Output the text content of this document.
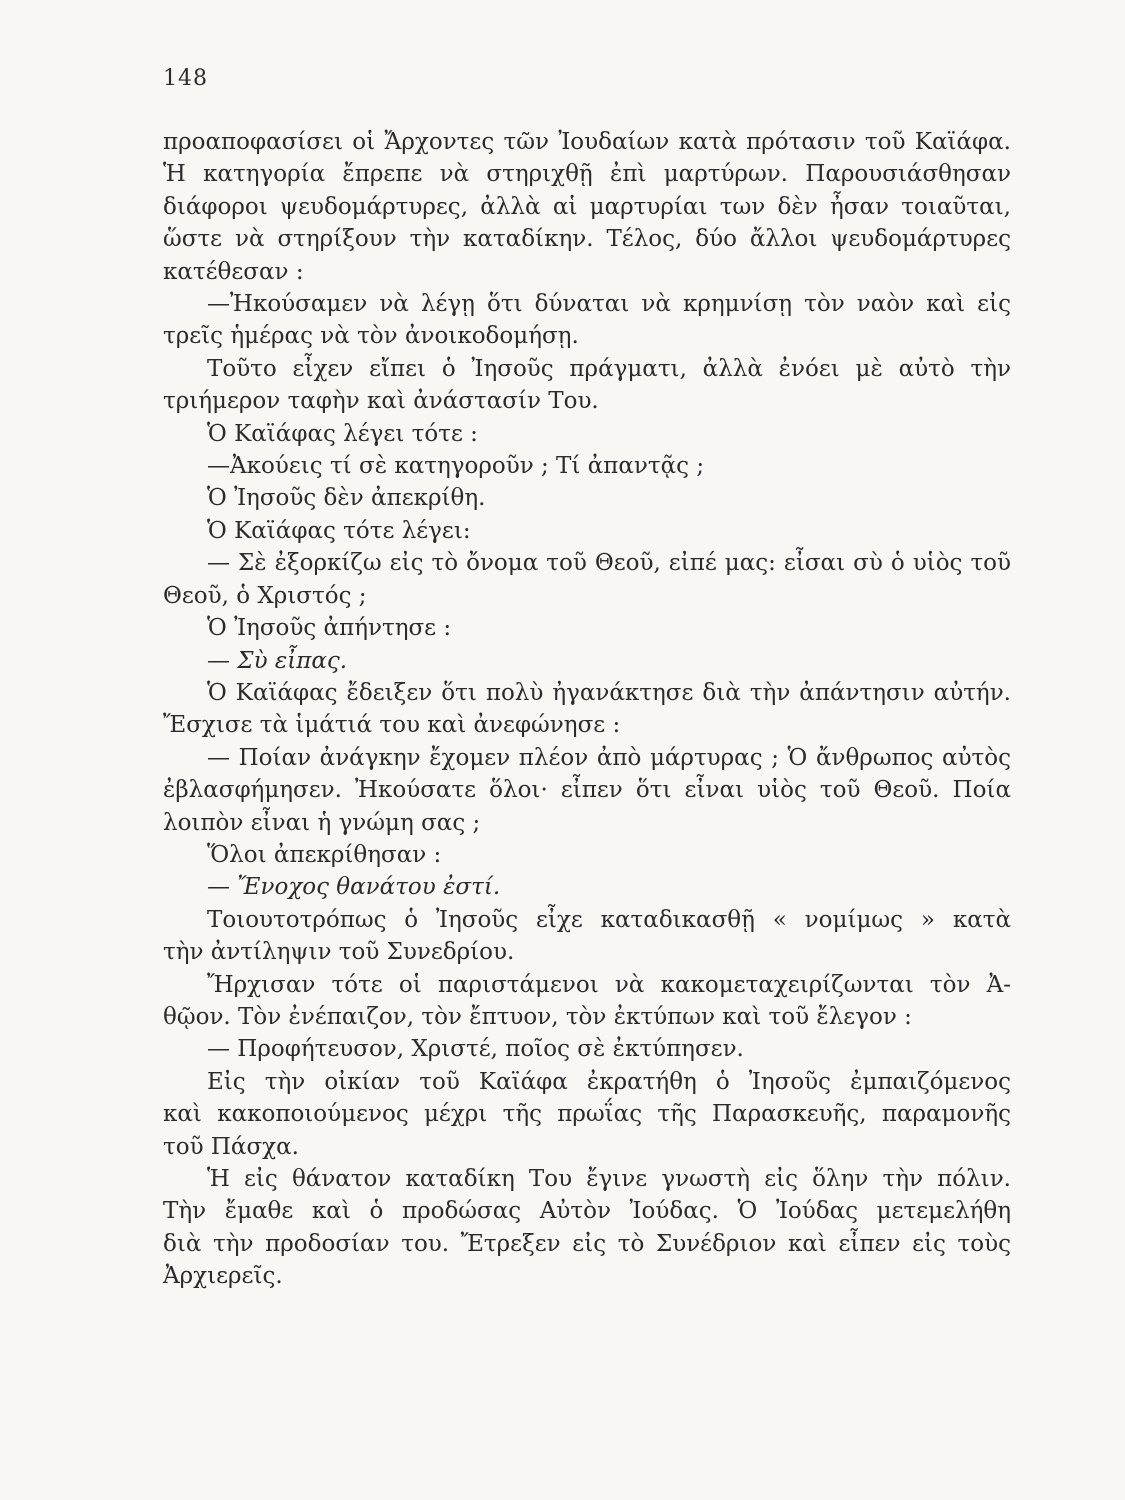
148
προαποφασίσει οἱ Ἄρχοντες τῶν Ἰουδαίων κατὰ πρότασιν τοῦ Καϊάφα.
Ἡ κατηγορία ἔπρεπε νὰ στηριχθῇ ἐπὶ μαρτύρων. Παρουσιάσθησαν
διάφοροι ψευδομάρτυρες, ἀλλὰ αἱ μαρτυρίαι των δὲν ἦσαν τοιαῦται,
ὥστε νὰ στηρίξουν τὴν καταδίκην. Τέλος, δύο ἄλλοι ψευδομάρτυρες
κατέθεσαν :
—Ἠκούσαμεν νὰ λέγῃ ὅτι δύναται νὰ κρημνίσῃ τὸν ναὸν καὶ εἰς
τρεῖς ἡμέρας νὰ τὸν ἀνοικοδομήσῃ.
Τοῦτο εἶχεν εἴπει ὁ Ἰησοῦς πράγματι, ἀλλὰ ἐνόει μὲ αὐτὸ τὴν
τριήμερον ταφὴν καὶ ἀνάστασίν Του.
Ὁ Καϊάφας λέγει τότε :
—Ἀκούεις τί σὲ κατηγοροῦν ; Τί ἀπαντᾷς ;
Ὁ Ἰησοῦς δὲν ἀπεκρίθη.
Ὁ Καϊάφας τότε λέγει:
— Σὲ ἐξορκίζω εἰς τὸ ὄνομα τοῦ Θεοῦ, εἰπέ μας: εἶσαι σὺ ὁ υἱὸς τοῦ
Θεοῦ, ὁ Χριστός ;
Ὁ Ἰησοῦς ἀπήντησε :
— Σὺ εἶπας.
Ὁ Καϊάφας ἔδειξεν ὅτι πολὺ ἠγανάκτησε διὰ τὴν ἀπάντησιν αὐτήν.
Ἔσχισε τὰ ἱμάτιά του καὶ ἀνεφώνησε :
— Ποίαν ἀνάγκην ἔχομεν πλέον ἀπὸ μάρτυρας ; Ὁ ἄνθρωπος αὐτὸς
ἐβλασφήμησεν. Ἠκούσατε ὅλοι· εἶπεν ὅτι εἶναι υἱὸς τοῦ Θεοῦ. Ποία
λοιπὸν εἶναι ἡ γνώμη σας ;
Ὅλοι ἀπεκρίθησαν :
— Ἔνοχος θανάτου ἐστί.
Τοιουτοτρόπως ὁ Ἰησοῦς εἶχε καταδικασθῇ « νομίμως » κατὰ
τὴν ἀντίληψιν τοῦ Συνεδρίου.
Ἤρχισαν τότε οἱ παριστάμενοι νὰ κακομεταχειρίζωνται τὸν Ἀ-
θῷον. Τὸν ἐνέπαιζον, τὸν ἔπτυον, τὸν ἐκτύπων καὶ τοῦ ἔλεγον :
— Προφήτευσον, Χριστέ, ποῖος σὲ ἐκτύπησεν.
Εἰς τὴν οἰκίαν τοῦ Καϊάφα ἐκρατήθη ὁ Ἰησοῦς ἐμπαιζόμενος
καὶ κακοποιούμενος μέχρι τῆς πρωΐας τῆς Παρασκευῆς, παραμονῆς
τοῦ Πάσχα.
Ἡ εἰς θάνατον καταδίκη Του ἔγινε γνωστὴ εἰς ὅλην τὴν πόλιν.
Τὴν ἔμαθε καὶ ὁ προδώσας Αὐτὸν Ἰούδας. Ὁ Ἰούδας μετεμελήθη
διὰ τὴν προδοσίαν του. Ἔτρεξεν εἰς τὸ Συνέδριον καὶ εἶπεν εἰς τοὺς
Ἀρχιερεῖς.
